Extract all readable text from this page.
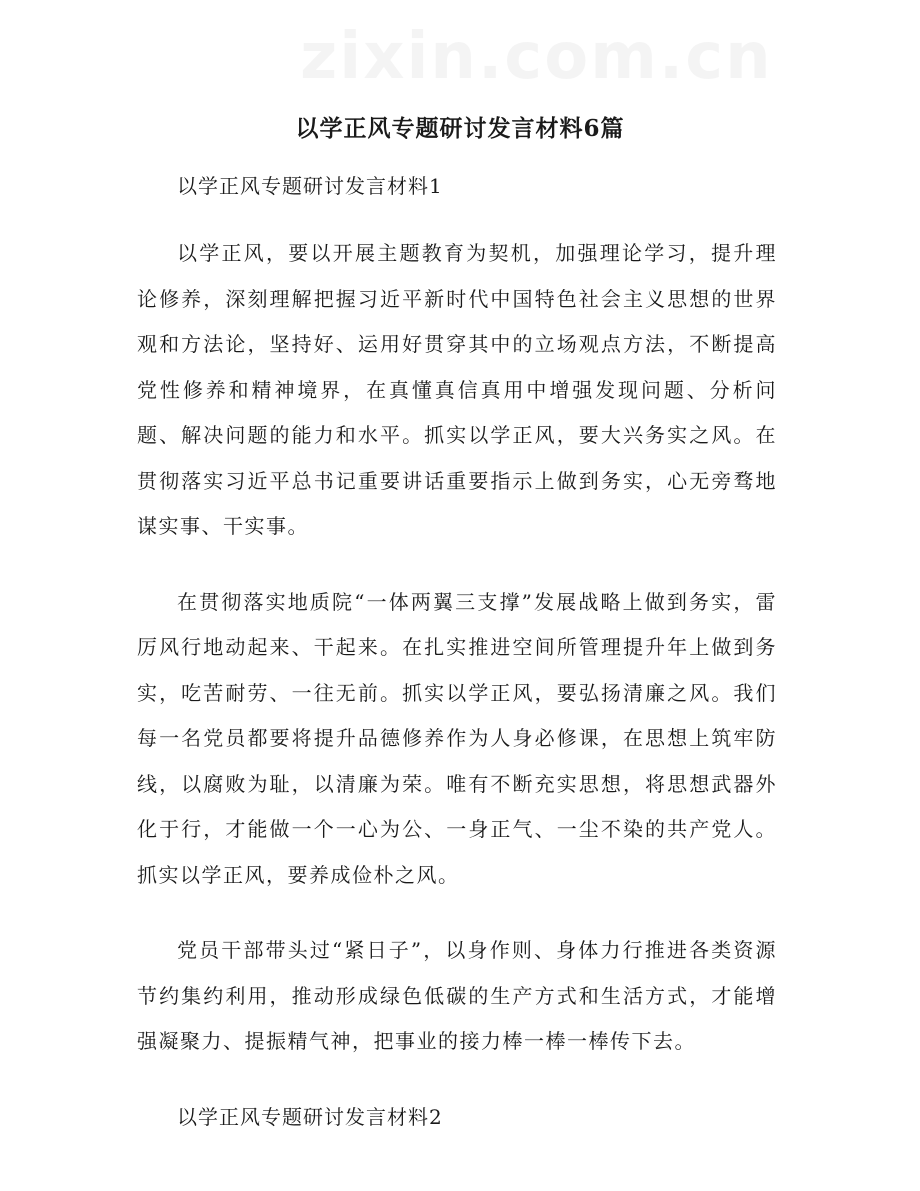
以学正风专题研讨发言材料6篇

以学正风专题研讨发言材料1

以学正风，要以开展主题教育为契机，加强理论学习，提升理论修养，深刻理解把握习近平新时代中国特色社会主义思想的世界观和方法论，坚持好、运用好贯穿其中的立场观点方法，不断提高党性修养和精神境界，在真懂真信真用中增强发现问题、分析问题、解决问题的能力和水平。抓实以学正风，要大兴务实之风。在贯彻落实习近平总书记重要讲话重要指示上做到务实，心无旁骛地谋实事、干实事。

在贯彻落实地质院“一体两翼三支撑”发展战略上做到务实，雷厉风行地动起来、干起来。在扎实推进空间所管理提升年上做到务实，吃苦耐劳、一往无前。抓实以学正风，要弘扬清廉之风。我们每一名党员都要将提升品德修养作为人身必修课，在思想上筑牢防线，以腐败为耻，以清廉为荣。唯有不断充实思想，将思想武器外化于行，才能做一个一心为公、一身正气、一尘不染的共产党人。抓实以学正风，要养成俭朴之风。

党员干部带头过“紧日子”，以身作则、身体力行推进各类资源节约集约利用，推动形成绿色低碳的生产方式和生活方式，才能增强凝聚力、提振精气神，把事业的接力棒一棒一棒传下去。

以学正风专题研讨发言材料2
